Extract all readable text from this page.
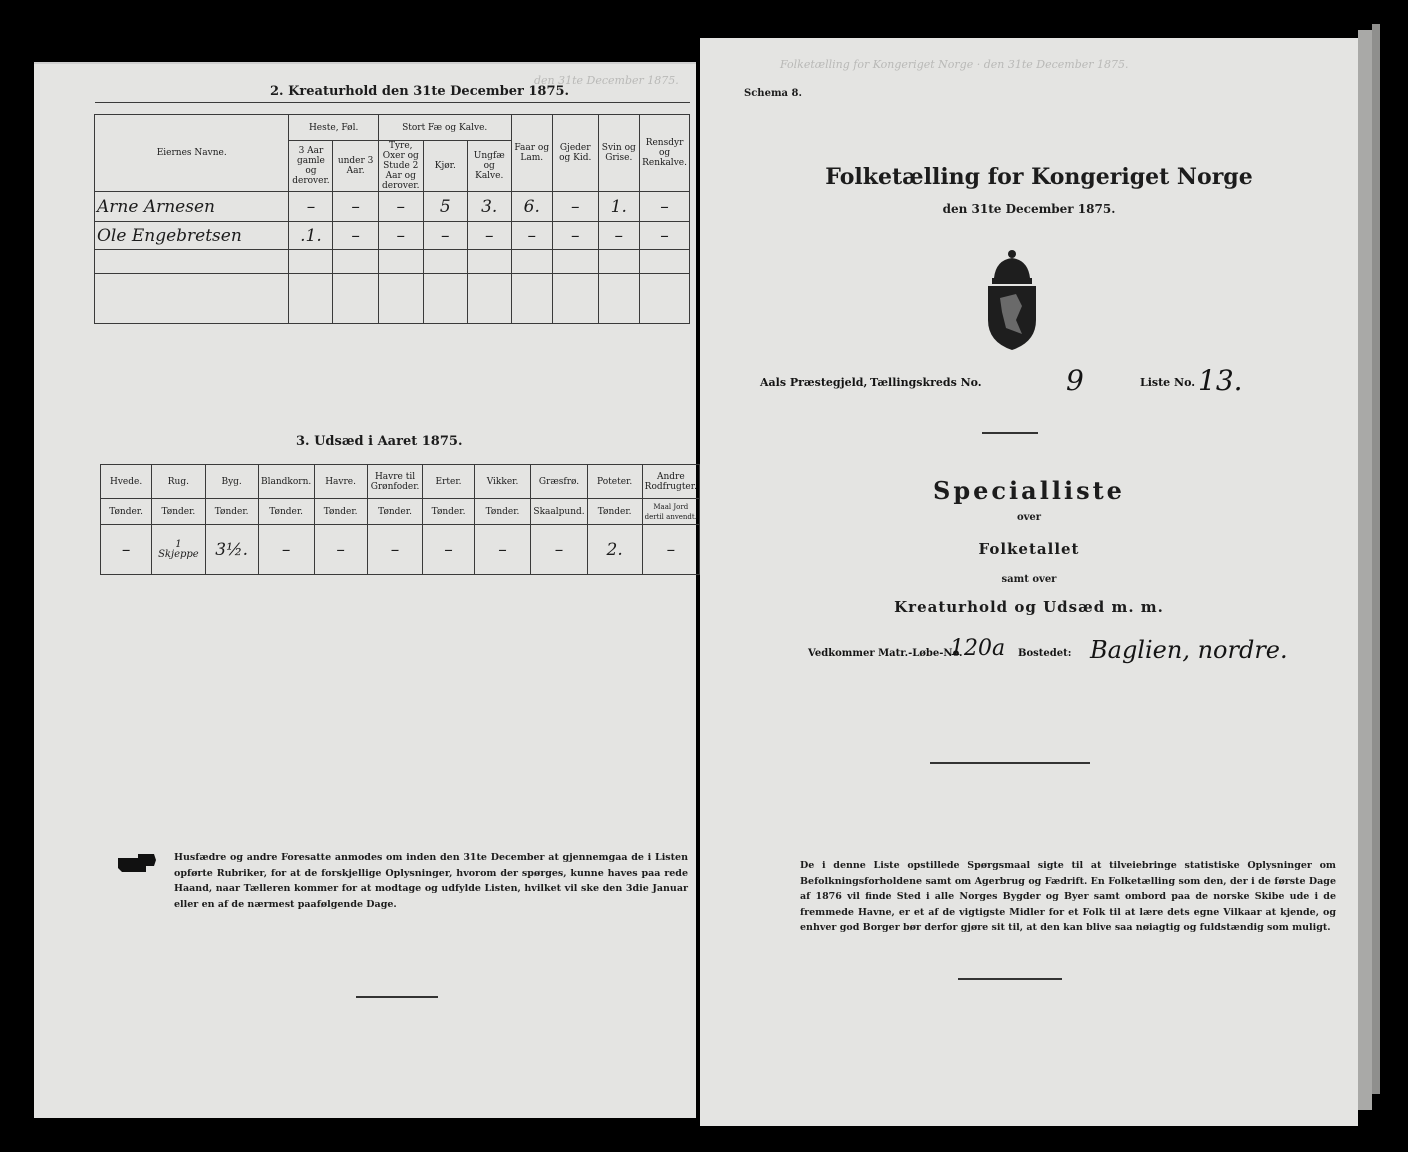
den 31te December 1875.
2. Kreaturhold den 31te December 1875.

Eiernes Navne.	Heste, Føl.		Stort Fæ og Kalve.			Faar og Lam.	Gjeder og Kid.	Svin og Grise.	Rensdyr og Renkalve.
	3 Aar gamle og derover.	under 3 Aar.	Tyre, Oxer og Stude 2 Aar og derover.	Kjør.	Ungfæ og Kalve.				
Arne Arnesen	–	–	–	5	3.	6.	–	1.	–
Ole Engebretsen	.1.	–	–	–	–	–	–	–	–

3. Udsæd i Aaret 1875.
Hvede.	Rug.	Byg.	Blandkorn.	Havre.	Havre til Grønfoder.	Erter.	Vikker.	Græsfrø.	Poteter.	Andre Rodfrugter.
Tønder.	Tønder.	Tønder.	Tønder.	Tønder.	Tønder.	Tønder.	Tønder.	Skaalpund.	Tønder.	Maal Jord dertil anvendt.
–	1 Skjeppe	3½.	–	–	–	–	–	–	2.	–
Husfædre og andre Foresatte anmodes om inden den 31te December at gjennemgaa de i Listen opførte Rubriker, for at de forskjellige Oplysninger, hvorom der spørges, kunne haves paa rede Haand, naar Tælleren kommer for at modtage og udfylde Listen, hvilket vil ske den 3die Januar eller en af de nærmest paafølgende Dage.
Folketælling for Kongeriget Norge · den 31te December 1875.
Schema 8.
Folketælling for Kongeriget Norge
den 31te December 1875.
Aals Præstegjeld, Tællingskreds No.	9	Liste No. 13.
Specialliste
over
Folketallet
samt over
Kreaturhold og Udsæd m. m.
Vedkommer Matr.-Løbe-No.
120a Bostedet: Baglien, nordre.
De i denne Liste opstillede Spørgsmaal sigte til at tilveiebringe statistiske Oplysninger om Befolkningsforholdene samt om Agerbrug og Fædrift. En Folketælling som den, der i de første Dage af 1876 vil finde Sted i alle Norges Bygder og Byer samt ombord paa de norske Skibe ude i de fremmede Havne, er et af de vigtigste Midler for et Folk til at lære dets egne Vilkaar at kjende, og enhver god Borger bør derfor gjøre sit til, at den kan blive saa nøiagtig og fuldstændig som muligt.
